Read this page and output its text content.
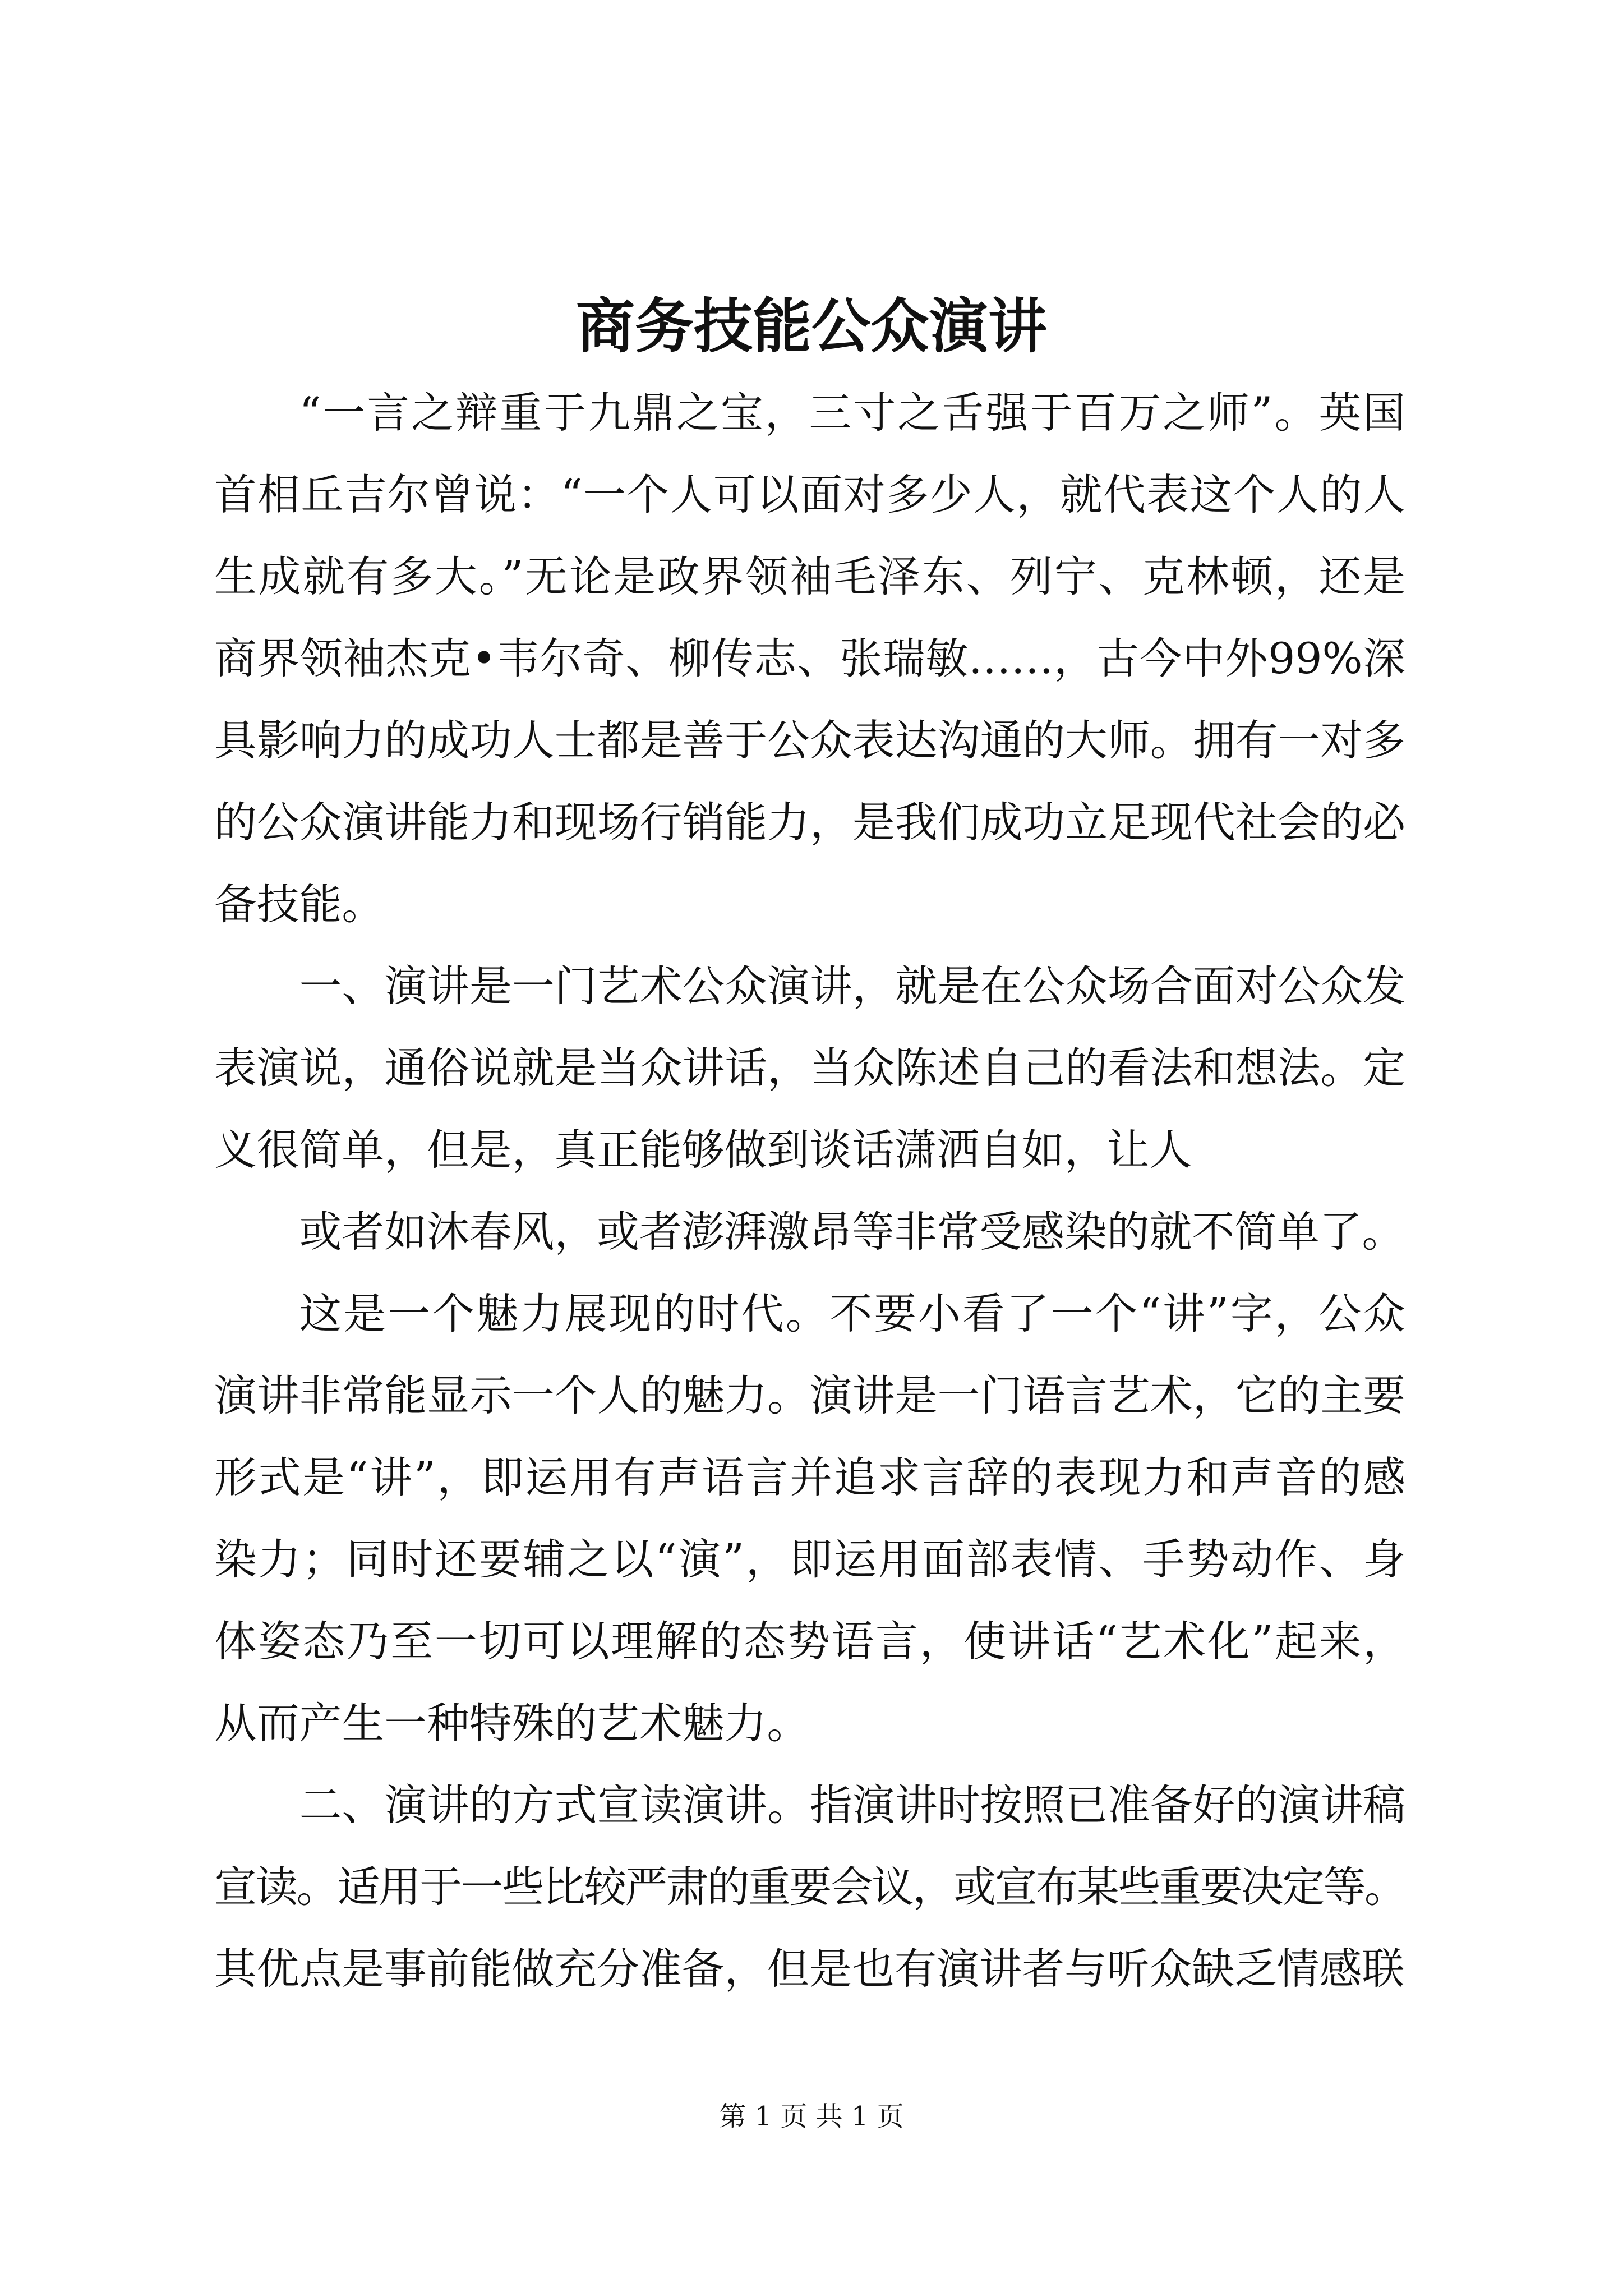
商务技能公众演讲
“一言之辩重于九鼎之宝，三寸之舌强于百万之师”。英国
首相丘吉尔曾说：“一个人可以面对多少人，就代表这个人的人
生成就有多大。”无论是政界领袖毛泽东、列宁、克林顿，还是
商界领袖杰克•韦尔奇、柳传志、张瑞敏……，古今中外99%深
具影响力的成功人士都是善于公众表达沟通的大师。拥有一对多
的公众演讲能力和现场行销能力，是我们成功立足现代社会的必
备技能。
一、演讲是一门艺术公众演讲，就是在公众场合面对公众发
表演说，通俗说就是当众讲话，当众陈述自己的看法和想法。定
义很简单，但是，真正能够做到谈话潇洒自如，让人
或者如沐春风，或者澎湃激昂等非常受感染的就不简单了。
这是一个魅力展现的时代。不要小看了一个“讲”字，公众
演讲非常能显示一个人的魅力。演讲是一门语言艺术，它的主要
形式是“讲”，即运用有声语言并追求言辞的表现力和声音的感
染力；同时还要辅之以“演”，即运用面部表情、手势动作、身
体姿态乃至一切可以理解的态势语言，使讲话“艺术化”起来，
从而产生一种特殊的艺术魅力。
二、演讲的方式宣读演讲。指演讲时按照已准备好的演讲稿
宣读。适用于一些比较严肃的重要会议，或宣布某些重要决定等。
其优点是事前能做充分准备，但是也有演讲者与听众缺乏情感联
第 1 页 共 1 页
